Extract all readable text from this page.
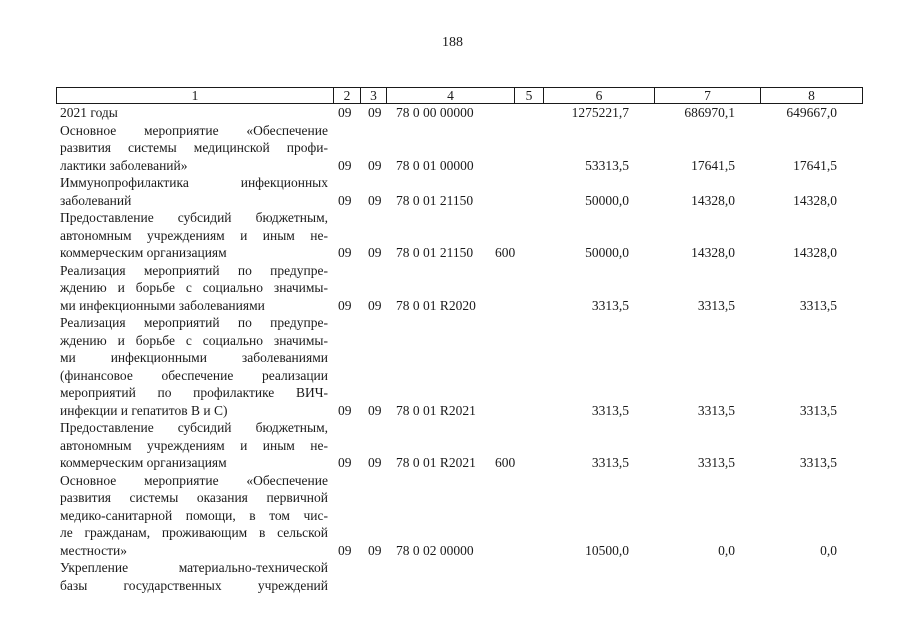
188
1	2	3	4	5	6	7	8
2021 годы	09 09 78 0 00 00000	1275221,7	686970,1	649667,0
Основное мероприятие «Обеспечение
развития системы медицинской профи-
лактики заболеваний»	09 09 78 0 01 00000	53313,5	17641,5	17641,5
Иммунопрофилактика инфекционных
заболеваний	09 09 78 0 01 21150	50000,0	14328,0	14328,0
Предоставление субсидий бюджетным,
автономным учреждениям и иным не-
коммерческим организациям	09 09 78 0 01 21150 600	50000,0	14328,0	14328,0
Реализация мероприятий по предупре-
ждению и борьбе с социально значимы-
ми инфекционными заболеваниями	09 09 78 0 01 R2020	3313,5	3313,5	3313,5
Реализация мероприятий по предупре-
ждению и борьбе с социально значимы-
ми инфекционными заболеваниями
(финансовое обеспечение реализации
мероприятий по профилактике ВИЧ-
инфекции и гепатитов В и С)	09 09 78 0 01 R2021	3313,5	3313,5	3313,5
Предоставление субсидий бюджетным,
автономным учреждениям и иным не-
коммерческим организациям	09 09 78 0 01 R2021 600	3313,5	3313,5	3313,5
Основное мероприятие «Обеспечение
развития системы оказания первичной
медико-санитарной помощи, в том чис-
ле гражданам, проживающим в сельской
местности»	09 09 78 0 02 00000	10500,0	0,0	0,0
Укрепление материально-технической
базы государственных учреждений
